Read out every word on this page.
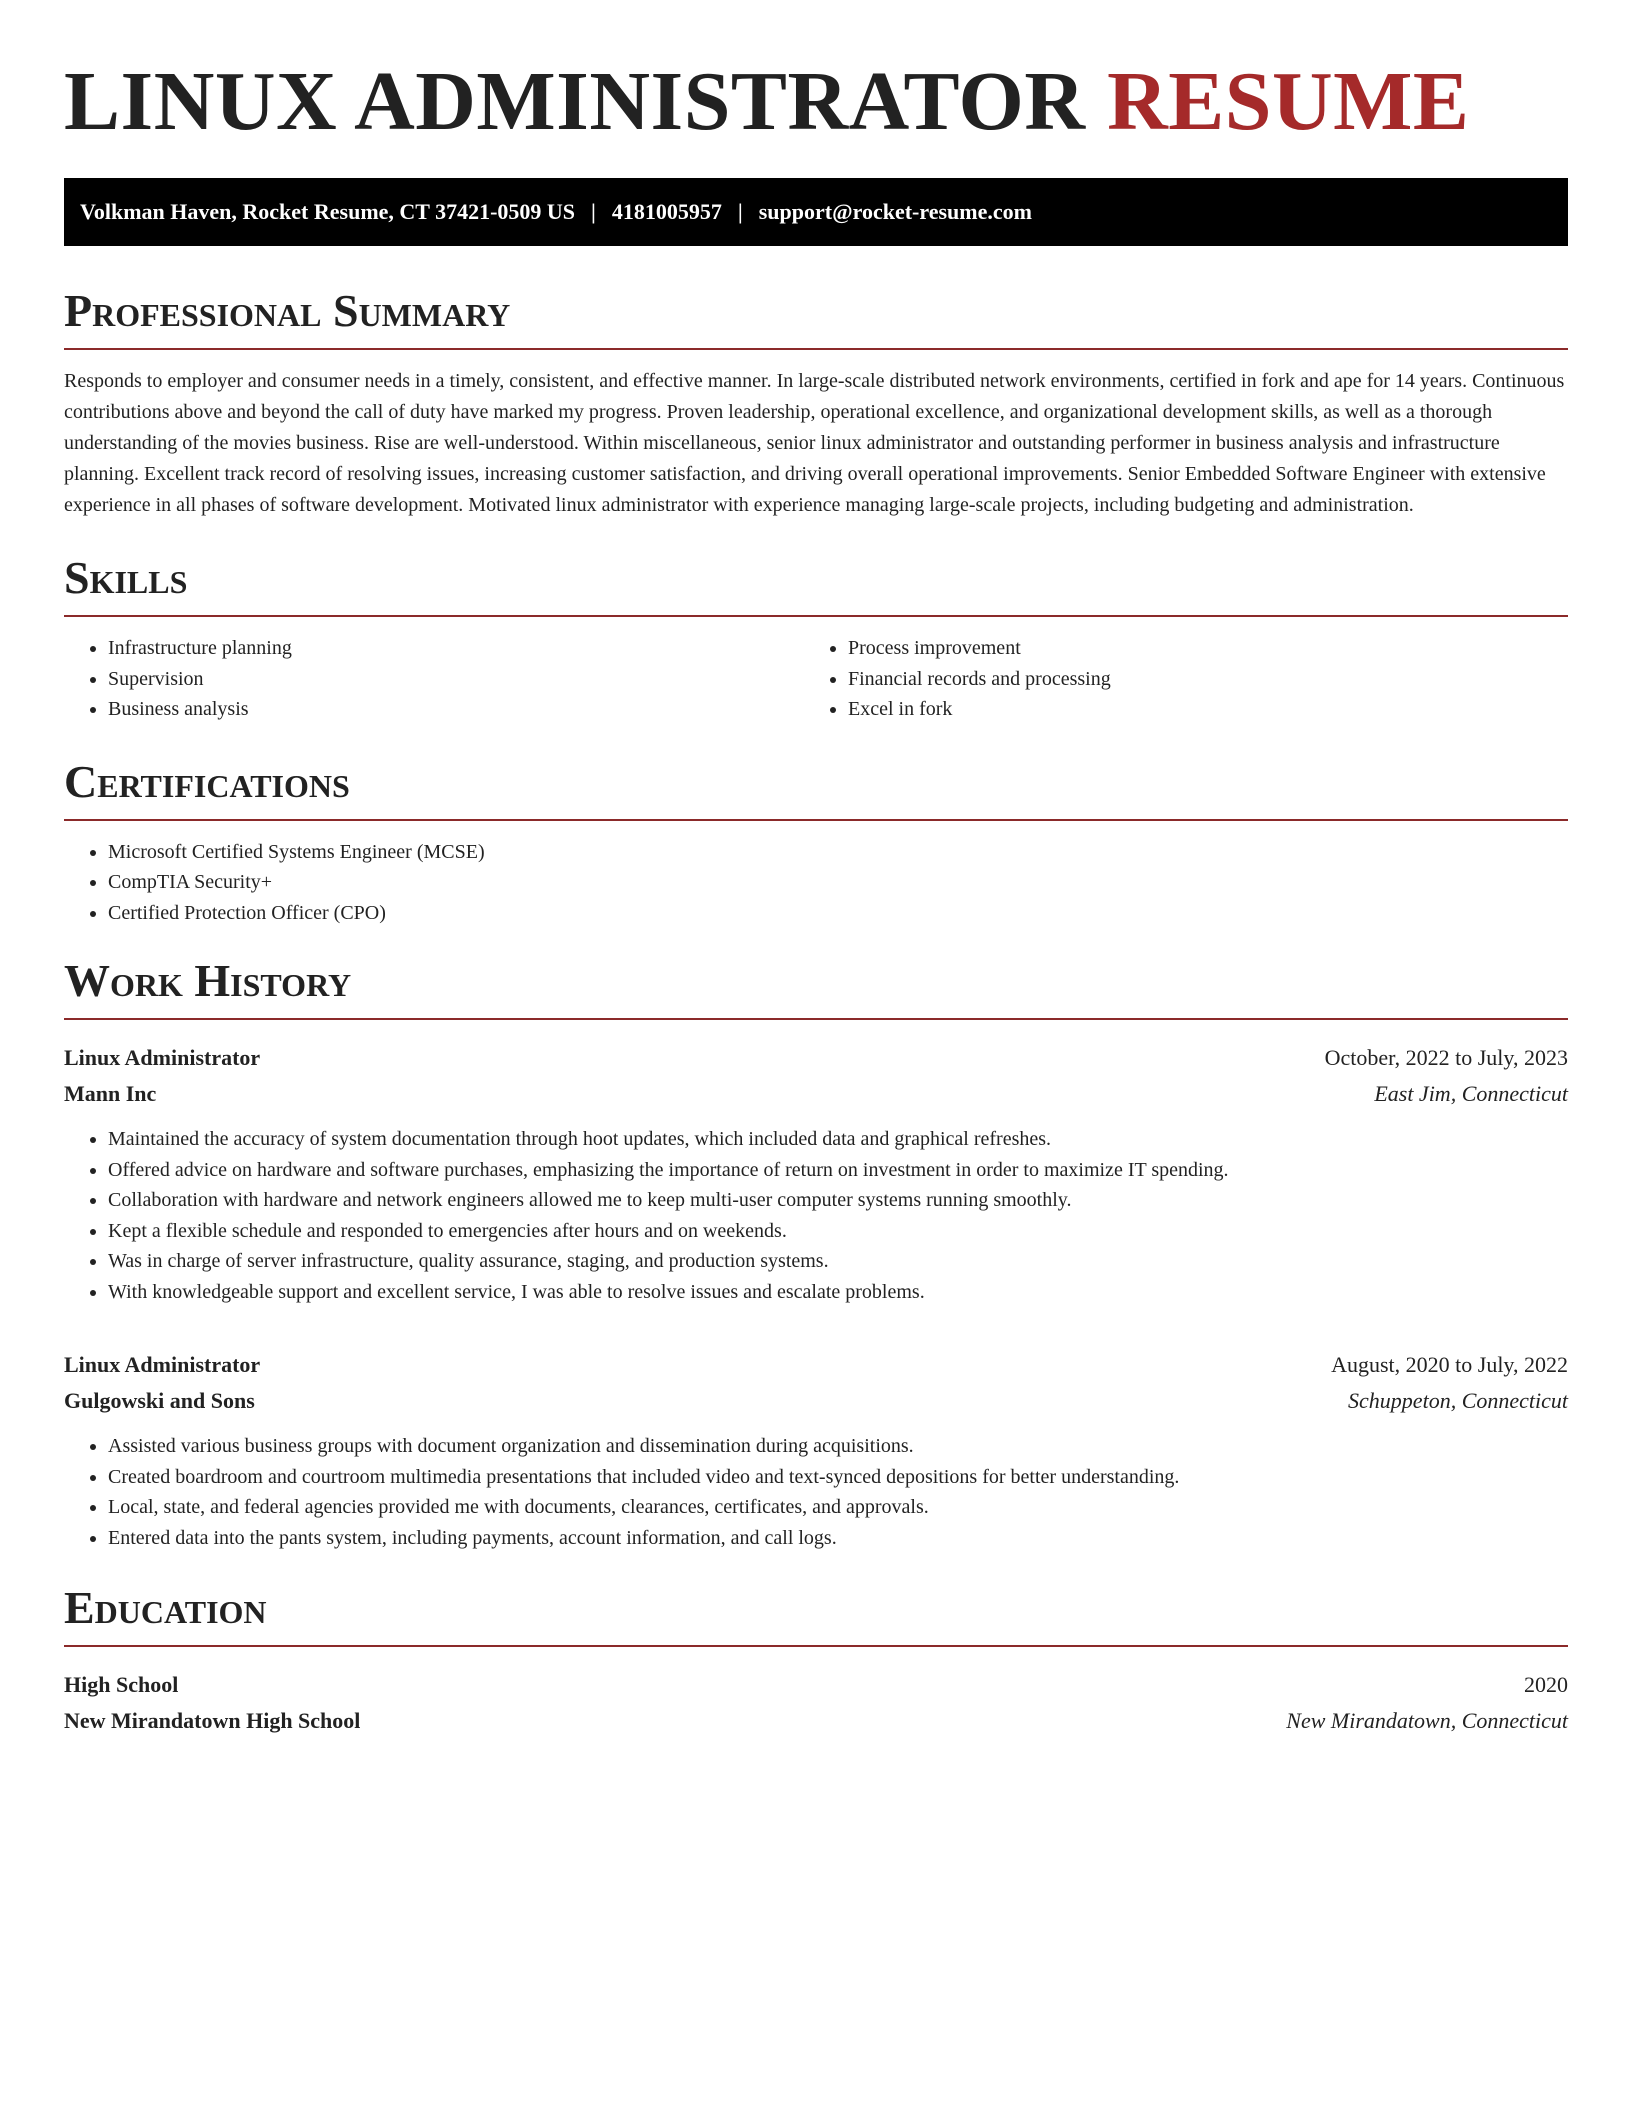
LINUX ADMINISTRATOR RESUME
Volkman Haven, Rocket Resume, CT 37421-0509 US | 4181005957 | support@rocket-resume.com
Professional Summary

Responds to employer and consumer needs in a timely, consistent, and effective manner. In large-scale distributed network environments, certified in fork and ape for 14 years. Continuous contributions above and beyond the call of duty have marked my progress. Proven leadership, operational excellence, and organizational development skills, as well as a thorough understanding of the movies business. Rise are well-understood. Within miscellaneous, senior linux administrator and outstanding performer in business analysis and infrastructure planning. Excellent track record of resolving issues, increasing customer satisfaction, and driving overall operational improvements. Senior Embedded Software Engineer with extensive experience in all phases of software development. Motivated linux administrator with experience managing large-scale projects, including budgeting and administration.

Skills
• Infrastructure planning
• Supervision
• Business analysis
• Process improvement
• Financial records and processing
• Excel in fork
Certifications
• Microsoft Certified Systems Engineer (MCSE)
• CompTIA Security+
• Certified Protection Officer (CPO)
Work History
Linux Administrator	October, 2022 to July, 2023
Mann Inc	East Jim, Connecticut
• Maintained the accuracy of system documentation through hoot updates, which included data and graphical refreshes.
• Offered advice on hardware and software purchases, emphasizing the importance of return on investment in order to maximize IT spending.
• Collaboration with hardware and network engineers allowed me to keep multi-user computer systems running smoothly.
• Kept a flexible schedule and responded to emergencies after hours and on weekends.
• Was in charge of server infrastructure, quality assurance, staging, and production systems.
• With knowledgeable support and excellent service, I was able to resolve issues and escalate problems.
Linux Administrator	August, 2020 to July, 2022
Gulgowski and Sons	Schuppeton, Connecticut
• Assisted various business groups with document organization and dissemination during acquisitions.
• Created boardroom and courtroom multimedia presentations that included video and text-synced depositions for better understanding.
• Local, state, and federal agencies provided me with documents, clearances, certificates, and approvals.
• Entered data into the pants system, including payments, account information, and call logs.
Education
High School	2020
New Mirandatown High School	New Mirandatown, Connecticut
